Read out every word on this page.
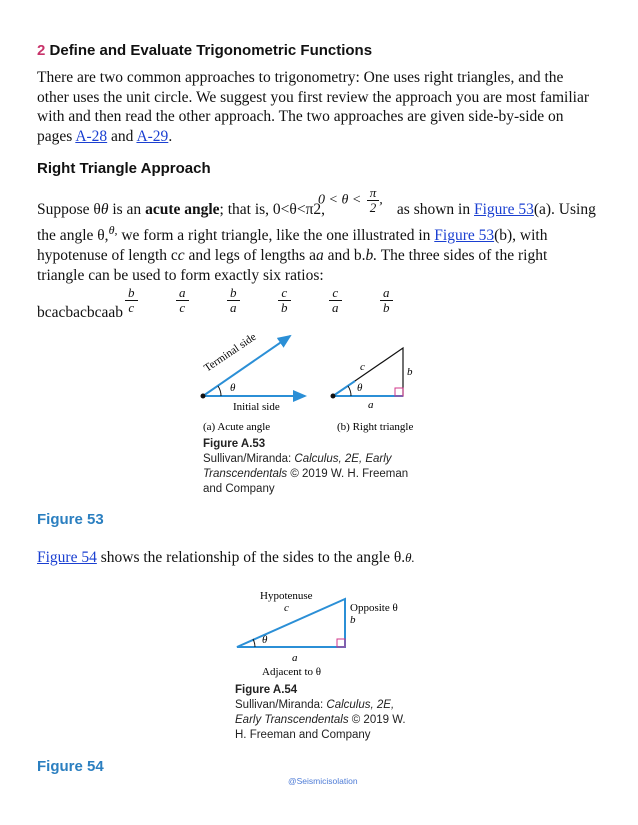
2 Define and Evaluate Trigonometric Functions

There are two common approaches to trigonometry: One uses right triangles, and the other uses the unit circle. We suggest you first review the approach you are most familiar with and then read the other approach. The two approaches are given side-by-side on pages A-28 and A-29.

Right Triangle Approach
$0 < \theta < \frac{\pi}{2}$ ,

Suppose θθ is an acute angle; that is, 0<θ<π2,	as shown in Figure 53(a). Using the angle θ,$^{\theta,}$ we form a right triangle, like the one illustrated in Figure 53(b), with hypotenuse of length cc and legs of lengths aa and b.b. The three sides of the right triangle can be used to form exactly six ratios:

bcacbacbcaab $\frac{b}{c}$	$\frac{a}{c}$	$\frac{b}{a}$	$\frac{c}{b}$	$\frac{c}{a}$	$\frac{a}{b}$
Terminal side
θ
Initial side
(a) Acute angle
c	b
θ
a
(b) Right triangle
Figure A.53
Sullivan/Miranda: Calculus, 2E, Early Transcendentals © 2019 W. H. Freeman and Company
Figure 53

Figure 54 shows the relationship of the sides to the angle θ.θ.

Hypotenuse
c	Opposite θ
b
θ
a
Adjacent to θ
Figure A.54
Sullivan/Miranda: Calculus, 2E, Early Transcendentals © 2019 W. H. Freeman and Company
Figure 54
@Seismicisolation
